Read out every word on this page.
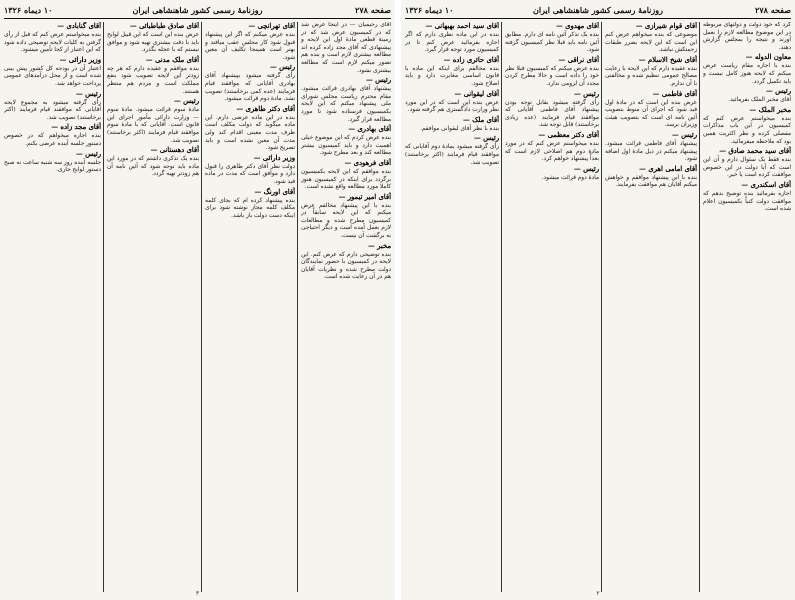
صفحه ۲۷۸
روزنامهٔ رسمی کشور شاهنشاهی ایران
۱۰ دیماه ۱۳۲۶

آقای رحیمیان — در اینجا عرض شد که در کمیسیون عرض شد که در زمینهٔ قطعی مادهٔ اول این لایحه و پیشنهادی که آقای مجد زاده کرده اند مطالعه بیشتری لازم است و بنده هم تصور میکنم لازم است که مطالعه بیشتری بشود.

رئیس —

پیشنهاد آقای بهادری قرائت میشود. مقام محترم ریاست مجلس شورای ملی پیشنهاد میکنم که این لایحه بکمیسیون فرستاده شود تا مورد مطالعه قرار گیرد.

آقای بهادری —

بنده عرض کردم که این موضوع خیلی اهمیت دارد و باید کمیسیون بیشتر مطالعه کند و بعد مطرح شود.

آقای فرهودی —

بنده موافقم که این لایحه بکمیسیون برگردد برای اینکه در کمیسیون هنوز کاملا مورد مطالعه واقع نشده است.

آقای امیر تیمور —

بنده با این پیشنهاد مخالفم عرض میکنم که این لایحه سابقاً در کمیسیون مطرح شده و مطالعات لازم بعمل آمده است و دیگر احتیاجی به برگشت آن نیست.

مخبر —

بنده توضیحی دارم که عرض کنم. این لایحه در کمیسیون با حضور نمایندگان دولت مطرح شده و نظریات آقایان هم در آن رعایت شده است.

آقای تهرانچی —

بنده عرض میکنم که اگر این پیشنهاد قبول شود کار مجلس عقب میافتد و بهتر است همینجا تکلیف آن معین شود.

رئیس —

رأی گرفته میشود بپیشنهاد آقای بهادری آقایانی که موافقند قیام فرمایند (عده کمی برخاستند) تصویب نشد. مادهٔ دوم قرائت میشود.

آقای دکتر طاهری —

بنده در این ماده عرضی دارم. این ماده میگوید که دولت مکلف است ظرف مدت معینی اقدام کند ولی مدت آن معین نشده است و باید تصریح شود.

وزیر دارائی —

دولت نظر آقای دکتر طاهری را قبول دارد و موافق است که مدت در ماده قید شود.

آقای اورنگ —

بنده پیشنهاد کرده ام که بجای کلمه مکلف کلمه مجاز نوشته شود برای اینکه دست دولت باز باشد.

آقای صادق طباطبائی —

عرض بنده این است که این قبیل لوایح باید با دقت بیشتری تهیه شود و موافق نیستم که با عجله بگذرد.

آقای ملک مدنی —

بنده موافقم و عقیده دارم که هر چه زودتر این لایحه تصویب شود بنفع مملکت است و مردم هم منتظر هستند.

رئیس —

مادهٔ سوم قرائت میشود. مادهٔ سوم — وزارت دارائی مأمور اجرای این قانون است. آقایانی که با مادهٔ سوم موافقند قیام فرمایند (اکثر برخاستند) تصویب شد.

آقای دهستانی —

بنده یک تذکری داشتم که در مورد این ماده باید توجه شود که آئین نامه آن هم زودتر تهیه گردد.

آقای گنابادی —

بنده میخواستم عرض کنم که قبل از رأی گرفتن به کلیات لایحه توضیحی داده شود که این اعتبار از کجا تأمین میشود.

وزیر دارائی —

اعتبار آن در بودجه کل کشور پیش بینی شده است و از محل درآمدهای عمومی پرداخت خواهد شد.

رئیس —

رأی گرفته میشود به مجموع لایحه آقایانی که موافقند قیام فرمایند (اکثر برخاستند) تصویب شد.

آقای مجد زاده —

بنده اجازه میخواهم که در خصوص دستور جلسه آینده عرضی بکنم.

رئیس —

جلسه آینده روز سه شنبه ساعت نه صبح دستور لوایح جاری.

۳
صفحه ۲۷۸
روزنامهٔ رسمی کشور شاهنشاهی ایران
۱۰ دیماه ۱۳۲۶

کرد که خود دولت و دولتهای مربوطه در این موضوع مطالعه لازم را بعمل آورند و نتیجه را بمجلس گزارش دهند.

معاون الدوله —

بنده با اجازه مقام ریاست عرض میکنم که لایحه هنوز کامل نیست و باید تکمیل گردد.

رئیس —

آقای مخبر الملک بفرمائید.

مخبر الملک —

بنده میخواستم عرض کنم که کمیسیون در این باب مذاکرات مفصلی کرده و نظر اکثریت همین بود که ملاحظه میفرمائید.

آقای سید محمد صادق —

بنده فقط یک سئوال دارم و آن این است که آیا دولت در این خصوص موافقت کرده است یا خیر.

آقای اسکندری —

اجازه بفرمائید بنده توضیح بدهم که موافقت دولت کتباً بکمیسیون اعلام شده است.

آقای قوام شیرازی —

موضوعی که بنده میخواهم عرض کنم این است که این لایحه بضرر طبقات زحمتکش نباشد.

آقای شیخ الاسلام —

بنده عقیده دارم که این لایحه با رعایت مصالح عمومی تنظیم شده و مخالفتی با آن ندارم.

آقای فاطمی —

عرض بنده این است که در مادهٔ اول قید شود که اجرای آن منوط بتصویب آئین نامه ای است که بتصویب هیئت وزیران برسد.

رئیس —

پیشنهاد آقای فاطمی قرائت میشود. پیشنهاد میکنم در ذیل مادهٔ اول اضافه شود.

آقای امامی اهری —

بنده با این پیشنهاد موافقم و خواهش میکنم آقایان هم موافقت بفرمایند.

آقای مهدوی —

بنده یک تذکر آئین نامه ای دارم. مطابق آئین نامه باید قبلا نظر کمیسیون گرفته شود.

آقای نراقی —

بنده عرض میکنم که کمیسیون قبلا نظر خود را داده است و حالا مطرح کردن مجدد آن لزومی ندارد.

رئیس —

رأی گرفته میشود بقابل توجه بودن پیشنهاد آقای فاطمی آقایانی که موافقند قیام فرمایند (عده زیادی برخاستند) قابل توجه شد.

آقای دکتر معظمی —

بنده میخواستم عرض کنم که در مورد مادهٔ دوم هم اصلاحی لازم است که بعداً پیشنهاد خواهم کرد.

رئیس —

مادهٔ دوم قرائت میشود.

آقای سید احمد بهبهانی —

بنده در این ماده نظری دارم که اگر اجازه بفرمائید عرض کنم تا در کمیسیون مورد توجه قرار گیرد.

آقای حائری زاده —

بنده مخالفم برای اینکه این ماده با قانون اساسی مغایرت دارد و باید اصلاح شود.

آقای لیقوانی —

عرض بنده این است که در این مورد نظر وزارت دادگستری هم گرفته شود.

آقای ملک —

بنده با نظر آقای لیقوانی موافقم.

رئیس —

رأی گرفته میشود بمادهٔ دوم آقایانی که موافقند قیام فرمایند (اکثر برخاستند) تصویب شد.

۲
